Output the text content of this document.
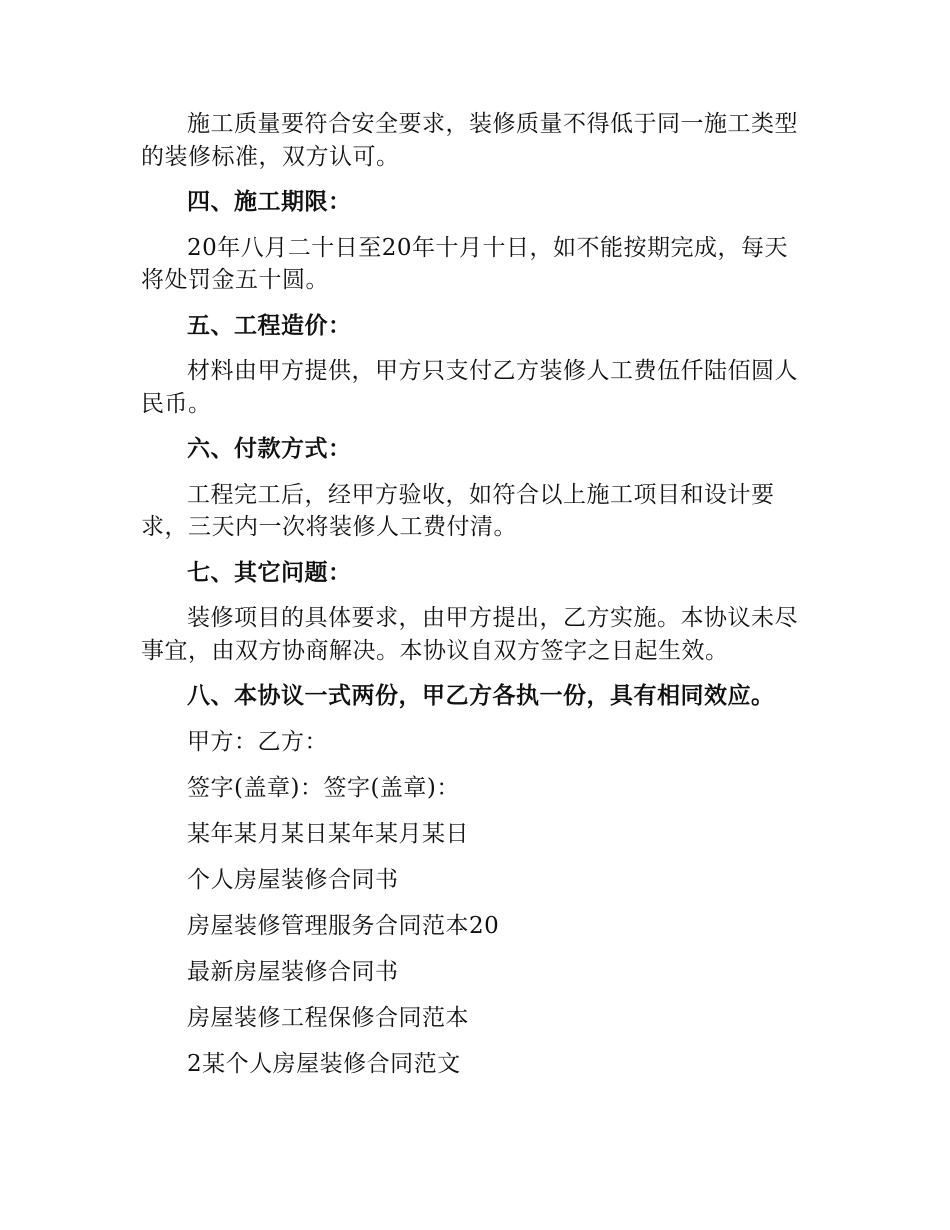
施工质量要符合安全要求，装修质量不得低于同一施工类型的装修标准，双方认可。

四、施工期限：

20年八月二十日至20年十月十日，如不能按期完成，每天将处罚金五十圆。

五、工程造价：

材料由甲方提供，甲方只支付乙方装修人工费伍仟陆佰圆人民币。

六、付款方式：

工程完工后，经甲方验收，如符合以上施工项目和设计要求，三天内一次将装修人工费付清。

七、其它问题：

装修项目的具体要求，由甲方提出，乙方实施。本协议未尽事宜，由双方协商解决。本协议自双方签字之日起生效。

八、本协议一式两份，甲乙方各执一份，具有相同效应。

甲方：乙方：

签字(盖章)：签字(盖章)：

某年某月某日某年某月某日

个人房屋装修合同书

房屋装修管理服务合同范本20

最新房屋装修合同书

房屋装修工程保修合同范本

2某个人房屋装修合同范文
